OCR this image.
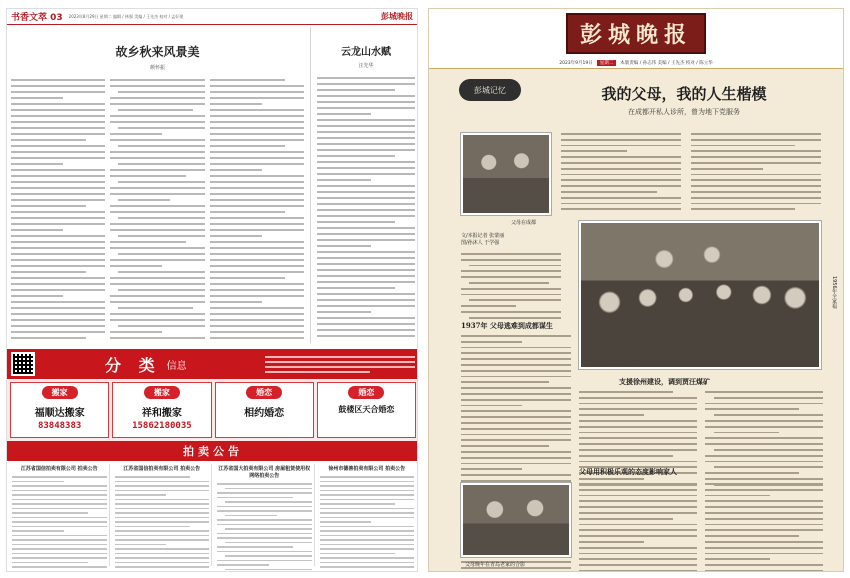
书香文萃 03 2023年8月29日 星期二 编辑 / 林强 美编 / 王先杰 校对 / 孟好建	彭城晚报
故乡秋来风景美
颜怀振
云龙山水赋
汪先华
分 类 信息
搬家
福顺达搬家
83848383
搬家
祥和搬家
15862180035
婚恋
相约婚恋
婚恋
鼓楼区天合婚恋
拍卖公告
江苏省国信拍卖有限公司 拍卖公告	江苏省国信拍卖有限公司 拍卖公告	江苏省国大拍卖有限公司 房屋租赁使用权 网络拍卖公告
徐州市德善拍卖有限公司 拍卖公告
彭城晚报
2023年9月19日	星期二	本版责编 / 孙志伟 美编 / 王先杰 校对 / 陈立华
彭城记忆	我的父母，我的人生楷模
在成都开私人诊所，曾为地下党服务
父母在成都
文/本报记者 张蒙丽
图/孙沐人 于学强
1956年全家福
1937年 父母逃难到成都谋生
支援徐州建设，调到贾汪煤矿
父母用积极乐观的态度影响家人
父母晚年在青岛老家的合影
